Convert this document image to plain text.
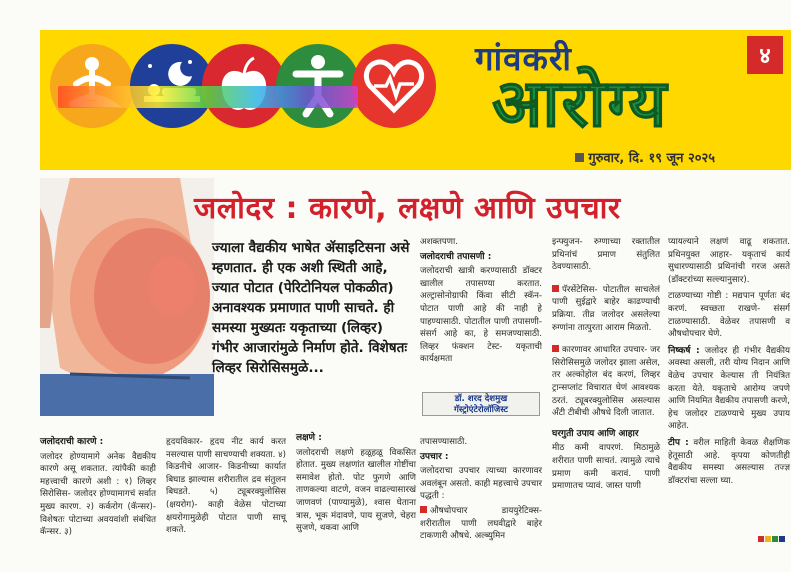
गांवकरी
आरोग्य
४
गुरुवार, दि. १९ जून २०२५
जलोदर : कारणे, लक्षणे आणि उपचार
ज्याला वैद्यकीय भाषेत ॲसाइटिसना असे म्हणतात. ही एक अशी स्थिती आहे, ज्यात पोटात (पेरिटोनियल पोकळीत) अनावश्यक प्रमाणात पाणी साचते. ही समस्या मुख्यतः यकृताच्या (लिव्हर) गंभीर आजारांमुळे निर्माण होते. विशेषतः लिव्हर सिरोसिसमुळे...

जलोदराची कारणे :

जलोदर होण्यामागे अनेक वैद्यकीय कारणे असू शकतात. त्यांपैकी काही महत्त्वाची कारणे अशी : १) लिव्हर सिरोसिस- जलोदर होण्यामागचं सर्वात मुख्य कारण. २) कर्करोग (कॅन्सर)- विशेषतः पोटाच्या अवयवांशी संबंधित कॅन्सर. ३)

हृदयविकार- हृदय नीट कार्य करत नसल्यास पाणी साचण्याची शक्यता. ४) किडनीचे आजार- किडनीच्या कार्यात बिघाड झाल्यास शरीरातील द्रव संतुलन बिघडते. ५) ट्यूबरक्युलोसिस (क्षयरोग)- काही वेळेस पोटाच्या क्षयरोगामुळेही पोटात पाणी साचू शकते.

लक्षणे :

जलोदराची लक्षणे हळूहळू विकसित होतात. मुख्य लक्षणांत खालील गोष्टींचा समावेश होतो. पोट फुगणे आणि ताणकल्या वाटणे, वजन वाढल्यासारखं जाणवणं (पाण्यामुळे), श्वास घेताना त्रास, भूक मंदावणे, पाय सुजणे, चेहरा सुजणे, थकवा आणि

अशक्तपणा.

जलोदराची तपासणी :

जलोदराची खात्री करण्यासाठी डॉक्टर खालील तपासण्या करतात. अल्ट्रासोनोग्राफी किंवा सीटी स्कॅन- पोटात पाणी आहे की नाही हे पाहण्यासाठी. पोटातील पाणी तपासणी- संसर्ग आहे का, हे समजण्यासाठी. लिव्हर फंक्शन टेस्ट- यकृताची कार्यक्षमता

डॉ. शरद देशमुख
गॅस्ट्रोएंटेरोलॉजिस्ट

तपासण्यासाठी.

उपचार :

जलोदराचा उपचार त्याच्या कारणावर अवलंबून असतो. काही महत्त्वाचे उपचार पद्धती :

औषधोपचार डाययुरेटिक्स- शरीरातील पाणी लघवीद्वारे बाहेर टाकणारी औषधे. अल्ब्युमिन

इन्फ्युजन- रुग्णाच्या रक्तातील प्रथिनांचं प्रमाण संतुलित ठेवण्यासाठी.

पॅरसेंटेसिस- पोटातील साचलेलं पाणी सुईद्वारे बाहेर काढण्याची प्रक्रिया. तीव्र जलोदर असलेल्या रुग्णांना तात्पुरता आराम मिळतो.

कारणावर आधारित उपचार- जर सिरोसिसमुळे जलोदर झाला असेल, तर अल्कोहोल बंद करणं, लिव्हर ट्रान्सप्लांट विचारात घेणं आवश्यक ठरतं. ट्यूबरक्युलोसिस असल्यास अँटी टीबीची औषधे दिली जातात.

घरगुती उपाय आणि आहार

मीठ कमी वापरणं. मिठामुळे शरीरात पाणी साचतं. त्यामुळे त्याचे प्रमाण कमी करावं. पाणी प्रमाणातच प्यावं. जास्त पाणी

प्यायल्याने लक्षणं वाढू शकतात. प्रथिनयुक्त आहार- यकृताचं कार्य सुधारण्यासाठी प्रथिनांची गरज असते (डॉक्टरांच्या सल्ल्यानुसार).

टाळण्याच्या गोष्टी : मद्यपान पूर्णतः बंद करणं. स्वच्छता राखणे- संसर्ग टाळण्यासाठी. वेळेवर तपासणी व औषधोपचार घेणे.

निष्कर्ष : जलोदर ही गंभीर वैद्यकीय अवस्था असली, तरी योग्य निदान आणि वेळेच उपचार केल्यास ती नियंत्रित करता येते. यकृताचे आरोग्य जपणे आणि नियमित वैद्यकीय तपासणी करणे, हेच जलोदर टाळण्याचे मुख्य उपाय आहेत.

टीप : वरील माहिती केवळ शैक्षणिक हेतूसाठी आहे. कृपया कोणतीही वैद्यकीय समस्या असल्यास तज्ज्ञ डॉक्टरांचा सल्ला घ्या.
